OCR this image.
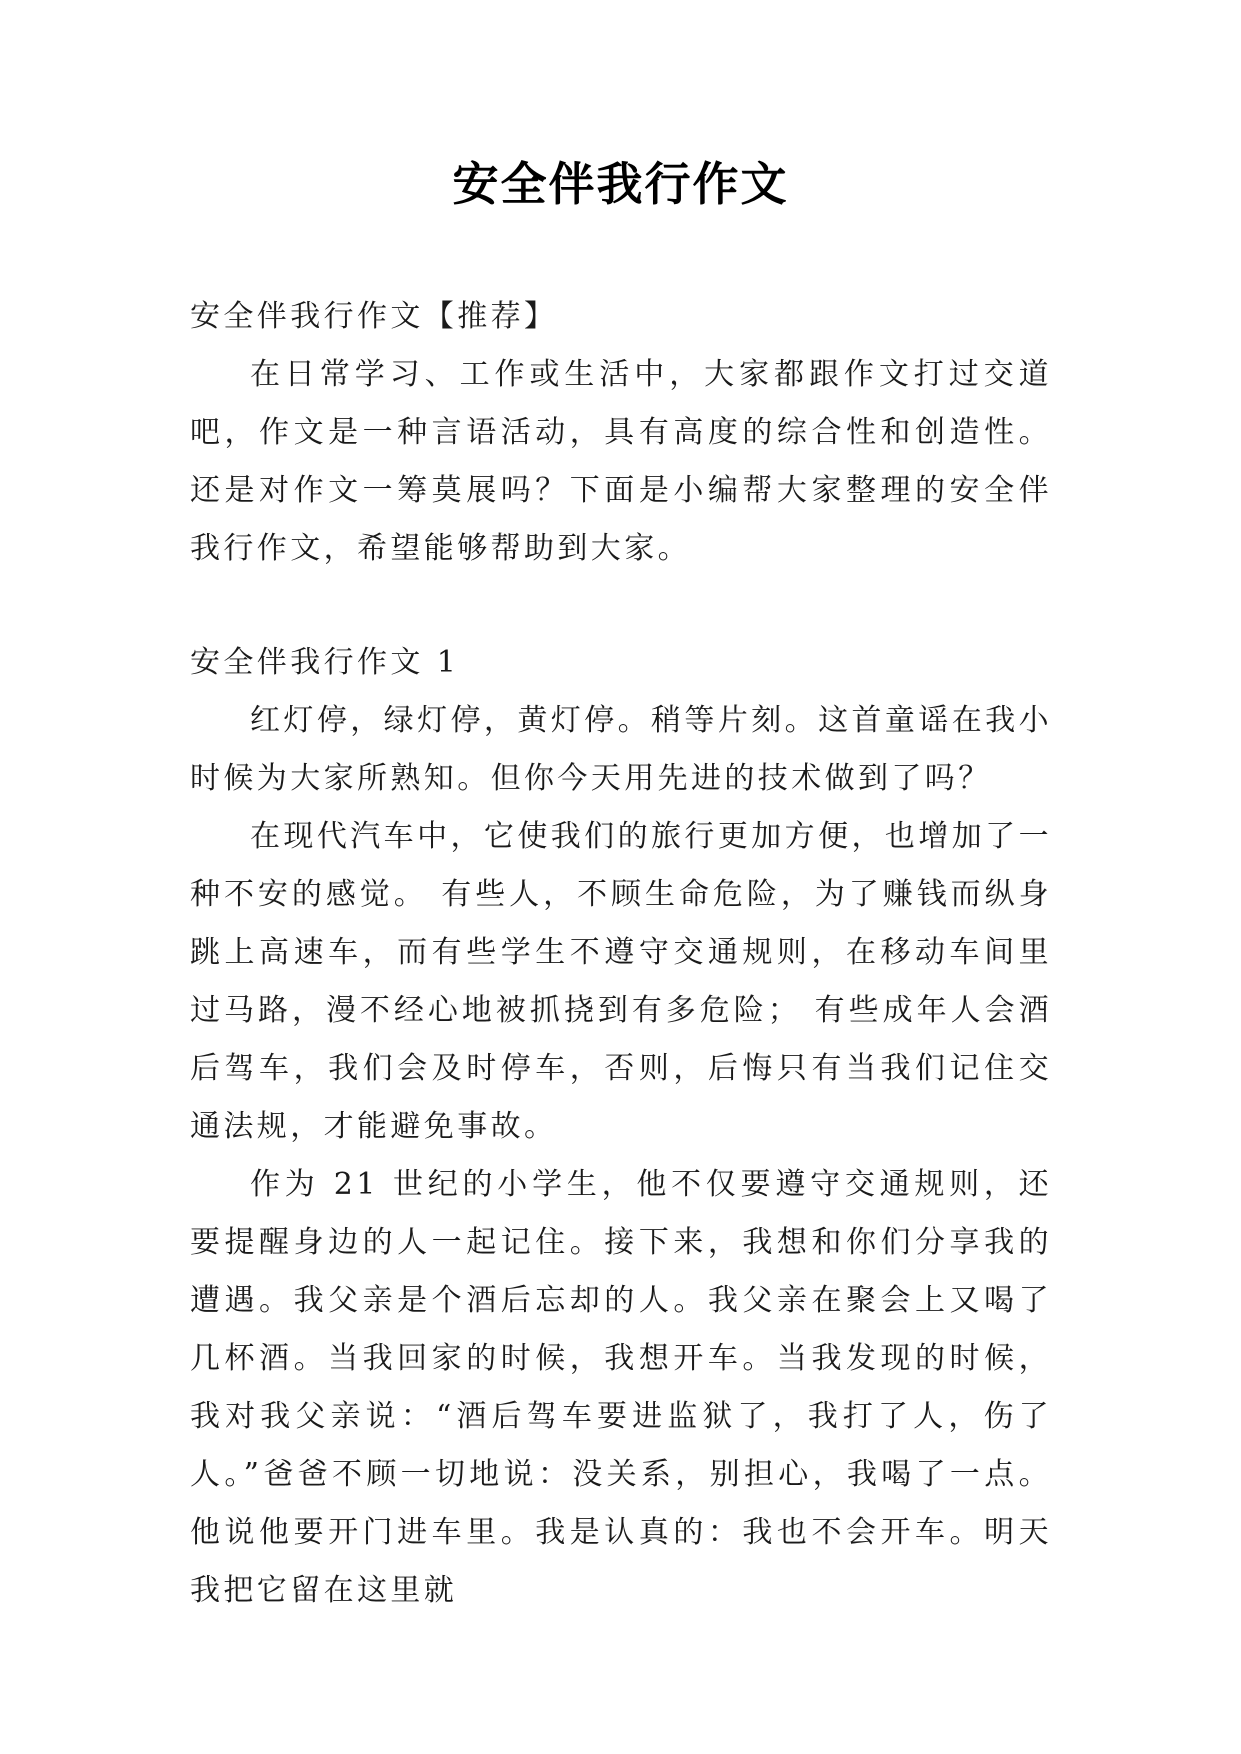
安全伴我行作文

安全伴我行作文【推荐】

在日常学习、工作或生活中，大家都跟作文打过交道吧，作文是一种言语活动，具有高度的综合性和创造性。还是对作文一筹莫展吗？下面是小编帮大家整理的安全伴我行作文，希望能够帮助到大家。

安全伴我行作文 1

红灯停，绿灯停，黄灯停。稍等片刻。这首童谣在我小时候为大家所熟知。但你今天用先进的技术做到了吗？

在现代汽车中，它使我们的旅行更加方便，也增加了一种不安的感觉。 有些人，不顾生命危险，为了赚钱而纵身跳上高速车，而有些学生不遵守交通规则，在移动车间里过马路，漫不经心地被抓挠到有多危险； 有些成年人会酒后驾车，我们会及时停车，否则，后悔只有当我们记住交通法规，才能避免事故。

作为 21 世纪的小学生，他不仅要遵守交通规则，还要提醒身边的人一起记住。接下来，我想和你们分享我的遭遇。我父亲是个酒后忘却的人。我父亲在聚会上又喝了几杯酒。当我回家的时候，我想开车。当我发现的时候，我对我父亲说：“酒后驾车要进监狱了，我打了人，伤了人。”爸爸不顾一切地说：没关系，别担心，我喝了一点。他说他要开门进车里。我是认真的：我也不会开车。明天我把它留在这里就
